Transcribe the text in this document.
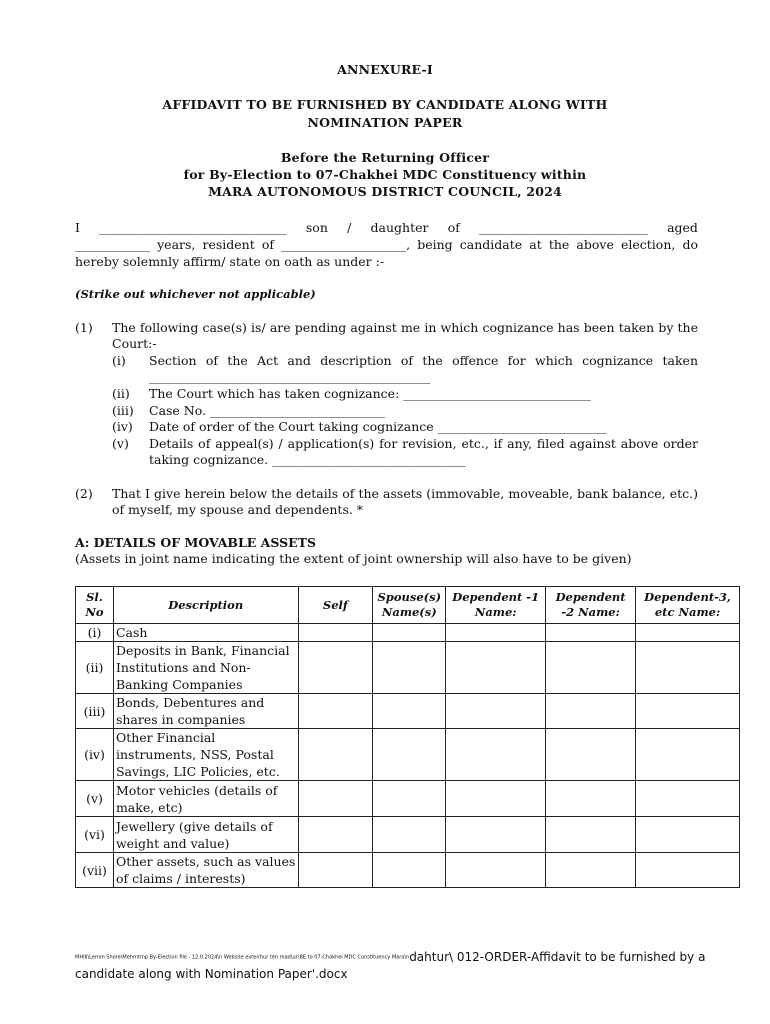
ANNEXURE-I
AFFIDAVIT TO BE FURNISHED BY CANDIDATE ALONG WITH
NOMINATION PAPER
Before the Returning Officer
for By-Election to 07-Chakhei MDC Constituency within
MARA AUTONOMOUS DISTRICT COUNCIL, 2024
I ______________________________ son / daughter of ___________________________ aged
____________ years, resident of ____________________, being candidate at the above election, do
hereby solemnly affirm/ state on oath as under :-
(Strike out whichever not applicable)
(1) The following case(s) is/ are pending against me in which cognizance has been taken by the
Court:-
(i) Section of the Act and description of the offence for which cognizance taken
_____________________________________________
(ii) The Court which has taken cognizance: ______________________________
(iii) Case No. ____________________________
(iv) Date of order of the Court taking cognizance ___________________________
(v) Details of appeal(s) / application(s) for revision, etc., if any, filed against above order
taking cognizance. _______________________________
(2) That I give herein below the details of the assets (immovable, moveable, bank balance, etc.)
of myself, my spouse and dependents. *
A: DETAILS OF MOVABLE ASSETS
(Assets in joint name indicating the extent of joint ownership will also have to be given)
Sl. No	Description	Self	Spouse(s) Name(s)	Dependent -1 Name:	Dependent -2 Name:	Dependent-3, etc Name:
(i)	Cash					
(ii)	Deposits in Bank, Financial Institutions and Non-Banking Companies					
(iii)	Bonds, Debentures and shares in companies					
(iv)	Other Financial instruments, NSS, Postal Savings, LIC Policies, etc.					
(v)	Motor vehicles (details of make, etc)					
(vi)	Jewellery (give details of weight and value)					
(vii)	Other assets, such as values of claims / interests)					
MHIII\Lemm Shore\Mehmtrnp By-Election file - 12.0.2024\n Website extent\ur ten mad\ur\BE to 07-Chakhei MDC Constituency Mara\ndahtur\ 012-ORDER-Affidavit to be furnished by a
candidate along with Nomination Paper'.docx
